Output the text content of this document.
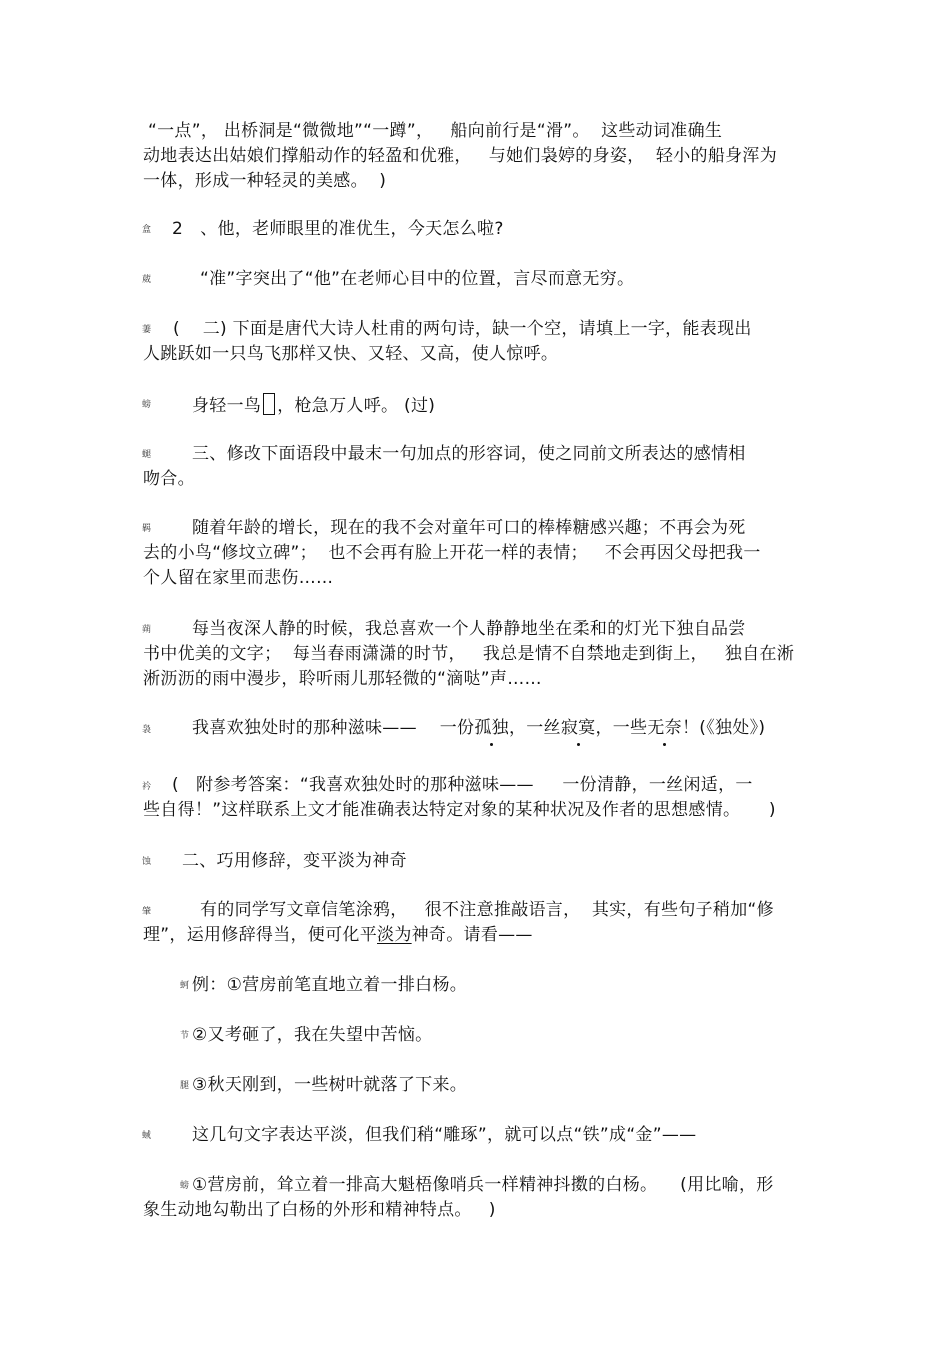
“一点”， 出桥洞是“微微地”“一蹲”，   船向前行是“滑”。  这些动词准确生
动地表达出姑娘们撑船动作的轻盈和优雅，   与她们袅婷的身姿，  轻小的船身浑为
一体，形成一种轻灵的美感。  )
盒 2   、他，老师眼里的准优生，今天怎么啦?
葳	“准”字突出了“他”在老师心目中的位置，言尽而意无穷。
萋 (    二) 下面是唐代大诗人杜甫的两句诗，缺一个空，请填上一字，能表现出
人跳跃如一只鸟飞那样又快、又轻、又高，使人惊呼。
螃 身轻一鸟 ，枪急万人呼。 (过)
螁 三、修改下面语段中最末一句加点的形容词，使之同前文所表达的感情相
吻合。
羁 随着年龄的增长，现在的我不会对童年可口的棒棒糖感兴趣；不再会为死
去的小鸟“修坟立碑”；  也不会再有脸上开花一样的表情；   不会再因父母把我一
个人留在家里而悲伤……
蒴 每当夜深人静的时候，我总喜欢一个人静静地坐在柔和的灯光下独自品尝
书中优美的文字；  每当春雨潇潇的时节，   我总是情不自禁地走到街上，   独自在淅
淅沥沥的雨中漫步，聆听雨儿那轻微的“滴哒”声……
袅 我喜欢独处时的那种滋味——    一份孤独，一丝寂寞，一些无奈！(《独处》)
衿 (   附参考答案：“我喜欢独处时的那种滋味——     一份清静，一丝闲适，一
些自得！”这样联系上文才能准确表达特定对象的某种状况及作者的思想感情。     )
蚀 二、巧用修辞，变平淡为神奇
肇	有的同学写文章信笔涂鸦，   很不注意推敲语言，  其实，有些句子稍加“修
理”，运用修辞得当，便可化平淡为神奇。请看——
蚵 例：①营房前笔直地立着一排白杨。
节 ②又考砸了，我在失望中苦恼。
腿 ③秋天刚到，一些树叶就落了下来。
蜮 这几句文字表达平淡，但我们稍“雕琢”，就可以点“铁”成“金”——
螃 ①营房前，耸立着一排高大魁梧像哨兵一样精神抖擞的白杨。    (用比喻，形
象生动地勾勒出了白杨的外形和精神特点。   )
